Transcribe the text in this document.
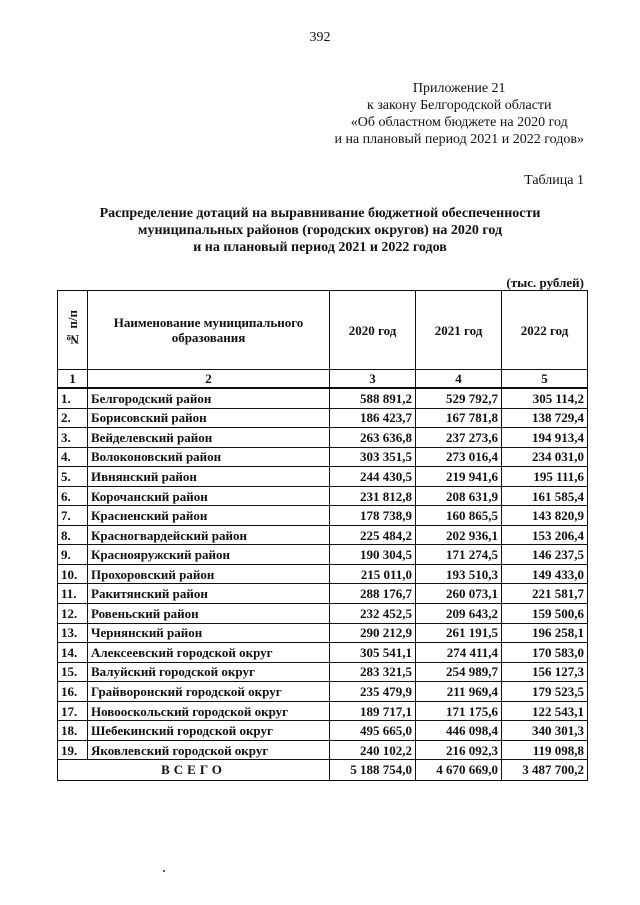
392
Приложение 21
к закону Белгородской области
«Об областном бюджете на 2020 год
и на плановый период 2021 и 2022 годов»
Таблица 1
Распределение дотаций на выравнивание бюджетной обеспеченности
муниципальных районов (городских округов) на 2020 год
и на плановый период 2021 и 2022 годов
(тыс. рублей)
№ п/п	Наименование муниципального образования	2020 год	2021 год	2022 год
1	2	3	4	5
1.	Белгородский район	588 891,2	529 792,7	305 114,2
2.	Борисовский район	186 423,7	167 781,8	138 729,4
3.	Вейделевский район	263 636,8	237 273,6	194 913,4
4.	Волоконовский район	303 351,5	273 016,4	234 031,0
5.	Ивнянский район	244 430,5	219 941,6	195 111,6
6.	Корочанский район	231 812,8	208 631,9	161 585,4
7.	Красненский район	178 738,9	160 865,5	143 820,9
8.	Красногвардейский район	225 484,2	202 936,1	153 206,4
9.	Краснояружский район	190 304,5	171 274,5	146 237,5
10.	Прохоровский район	215 011,0	193 510,3	149 433,0
11.	Ракитянский район	288 176,7	260 073,1	221 581,7
12.	Ровеньский район	232 452,5	209 643,2	159 500,6
13.	Чернянский район	290 212,9	261 191,5	196 258,1
14.	Алексеевский городской округ	305 541,1	274 411,4	170 583,0
15.	Валуйский городской округ	283 321,5	254 989,7	156 127,3
16.	Грайворонский городской округ	235 479,9	211 969,4	179 523,5
17.	Новооскольский городской округ	189 717,1	171 175,6	122 543,1
18.	Шебекинский городской округ	495 665,0	446 098,4	340 301,3
19.	Яковлевский городской округ	240 102,2	216 092,3	119 098,8
ВСЕГО		5 188 754,0	4 670 669,0	3 487 700,2
